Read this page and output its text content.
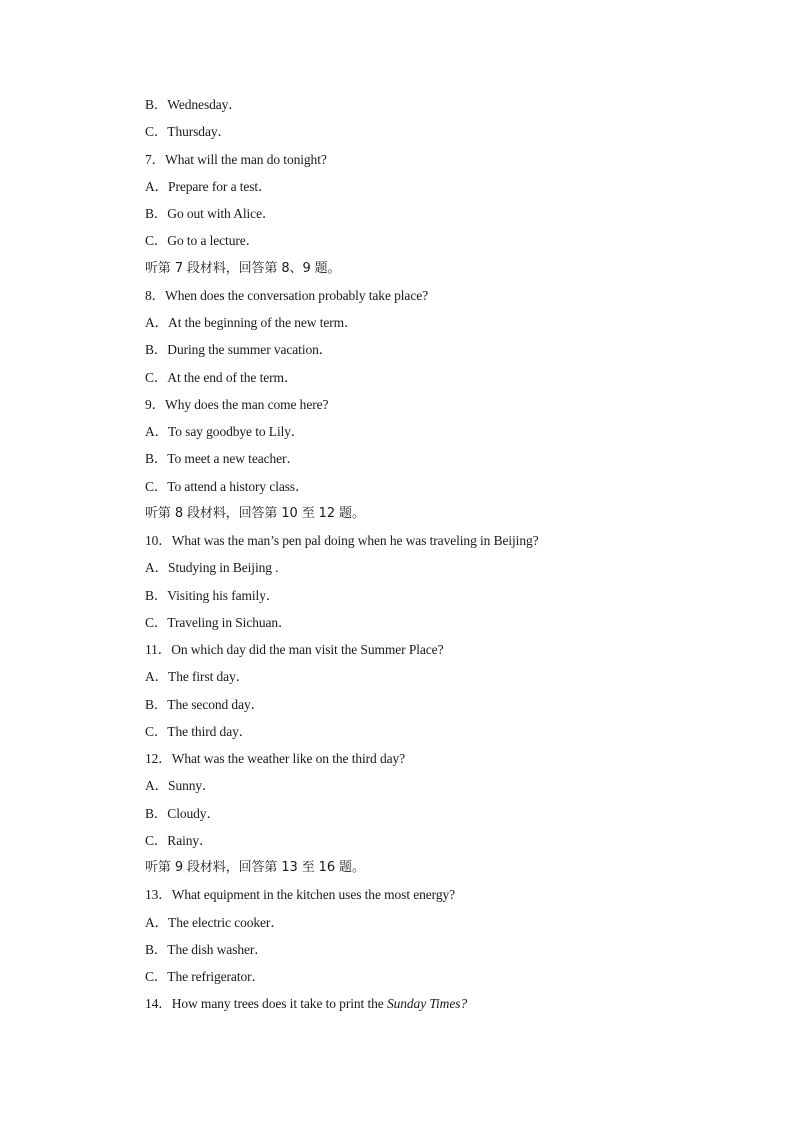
B．Wednesday．
C．Thursday．
7．What will the man do tonight?
A．Prepare for a test．
B．Go out with Alice．
C．Go to a lecture．
听第 7 段材料，回答第 8、9 题。
8．When does the conversation probably take place?
A．At the beginning of the new term．
B．During the summer vacation．
C．At the end of the term．
9．Why does the man come here?
A．To say goodbye to Lily．
B．To meet a new teacher．
C．To attend a history class．
听第 8 段材料，回答第 10 至 12 题。
10．What was the man’s pen pal doing when he was traveling in Beijing?
A．Studying in Beijing .
B．Visiting his family．
C．Traveling in Sichuan．
11．On which day did the man visit the Summer Place?
A．The first day．
B．The second day．
C．The third day．
12．What was the weather like on the third day?
A．Sunny．
B．Cloudy．
C．Rainy．
听第 9 段材料，回答第 13 至 16 题。
13．What equipment in the kitchen uses the most energy?
A．The electric cooker．
B．The dish washer．
C．The refrigerator．
14．How many trees does it take to print the Sunday Times?
